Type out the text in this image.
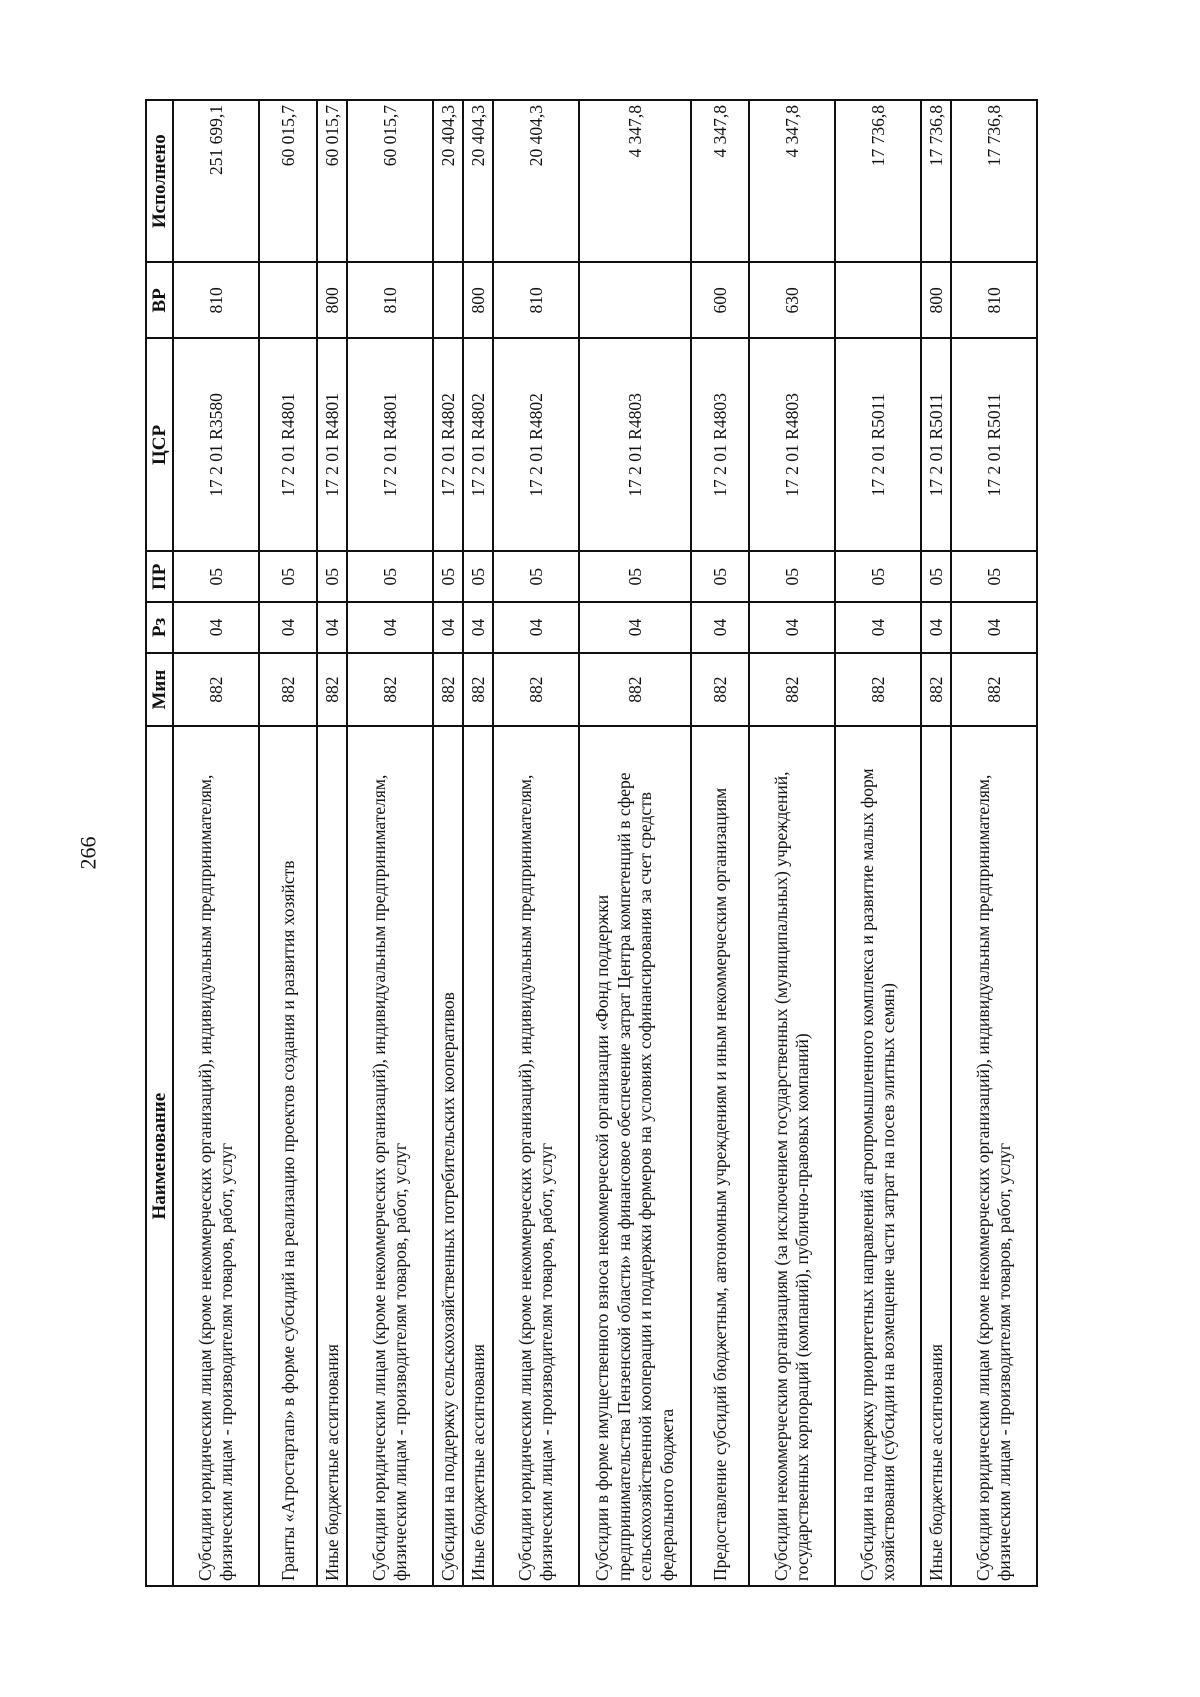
266
Наименование	Мин	Рз	ПР	ЦСР	ВР	Исполнено
Субсидии юридическим лицам (кроме некоммерческих организаций), индивидуальным предпринимателям, физическим лицам - производителям товаров, работ, услуг	882	04	05	17 2 01 R3580	810	251 699,1
Гранты «Агростартап» в форме субсидий на реализацию проектов создания и развития хозяйств	882	04	05	17 2 01 R4801		60 015,7
Иные бюджетные ассигнования	882	04	05	17 2 01 R4801	800	60 015,7
Субсидии юридическим лицам (кроме некоммерческих организаций), индивидуальным предпринимателям, физическим лицам - производителям товаров, работ, услуг	882	04	05	17 2 01 R4801	810	60 015,7
Субсидии на поддержку сельскохозяйственных потребительских кооперативов	882	04	05	17 2 01 R4802		20 404,3
Иные бюджетные ассигнования	882	04	05	17 2 01 R4802	800	20 404,3
Субсидии юридическим лицам (кроме некоммерческих организаций), индивидуальным предпринимателям, физическим лицам - производителям товаров, работ, услуг	882	04	05	17 2 01 R4802	810	20 404,3
Субсидии в форме имущественного взноса некоммерческой организации «Фонд поддержки предпринимательства Пензенской области» на финансовое обеспечение затрат Центра компетенций в сфере сельскохозяйственной кооперации и поддержки фермеров на условиях софинансирования за счет средств федерального бюджета	882	04	05	17 2 01 R4803		4 347,8
Предоставление субсидий бюджетным, автономным учреждениям и иным некоммерческим организациям	882	04	05	17 2 01 R4803	600	4 347,8
Субсидии некоммерческим организациям (за исключением государственных (муниципальных) учреждений, государственных корпораций (компаний), публично-правовых компаний)	882	04	05	17 2 01 R4803	630	4 347,8
Субсидии на поддержку приоритетных направлений агропромышленного комплекса и развитие малых форм хозяйствования (субсидии на возмещение части затрат на посев элитных семян)	882	04	05	17 2 01 R5011		17 736,8
Иные бюджетные ассигнования	882	04	05	17 2 01 R5011	800	17 736,8
Субсидии юридическим лицам (кроме некоммерческих организаций), индивидуальным предпринимателям, физическим лицам - производителям товаров, работ, услуг	882	04	05	17 2 01 R5011	810	17 736,8
